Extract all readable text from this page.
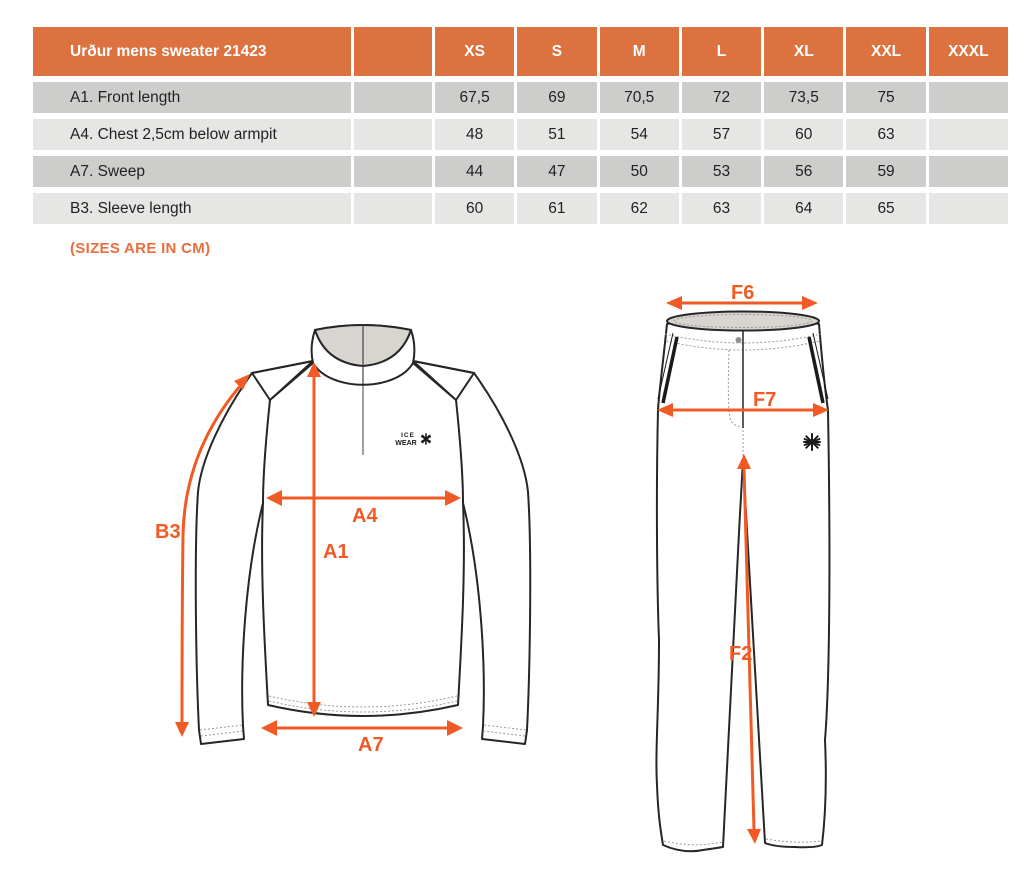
Urður mens sweater 21423	XS	S	M	L	XL	XXL	XXXL
A1. Front length	67,5	69	70,5	72	73,5	75
A4. Chest 2,5cm below armpit	48	51	54	57	60	63
A7. Sweep	44	47	50	53	56	59
B3. Sleeve length	60	61	62	63	64	65
(SIZES ARE IN CM)
ICE
WEAR
B3
A1
A4
A7
F6
F7
F2
